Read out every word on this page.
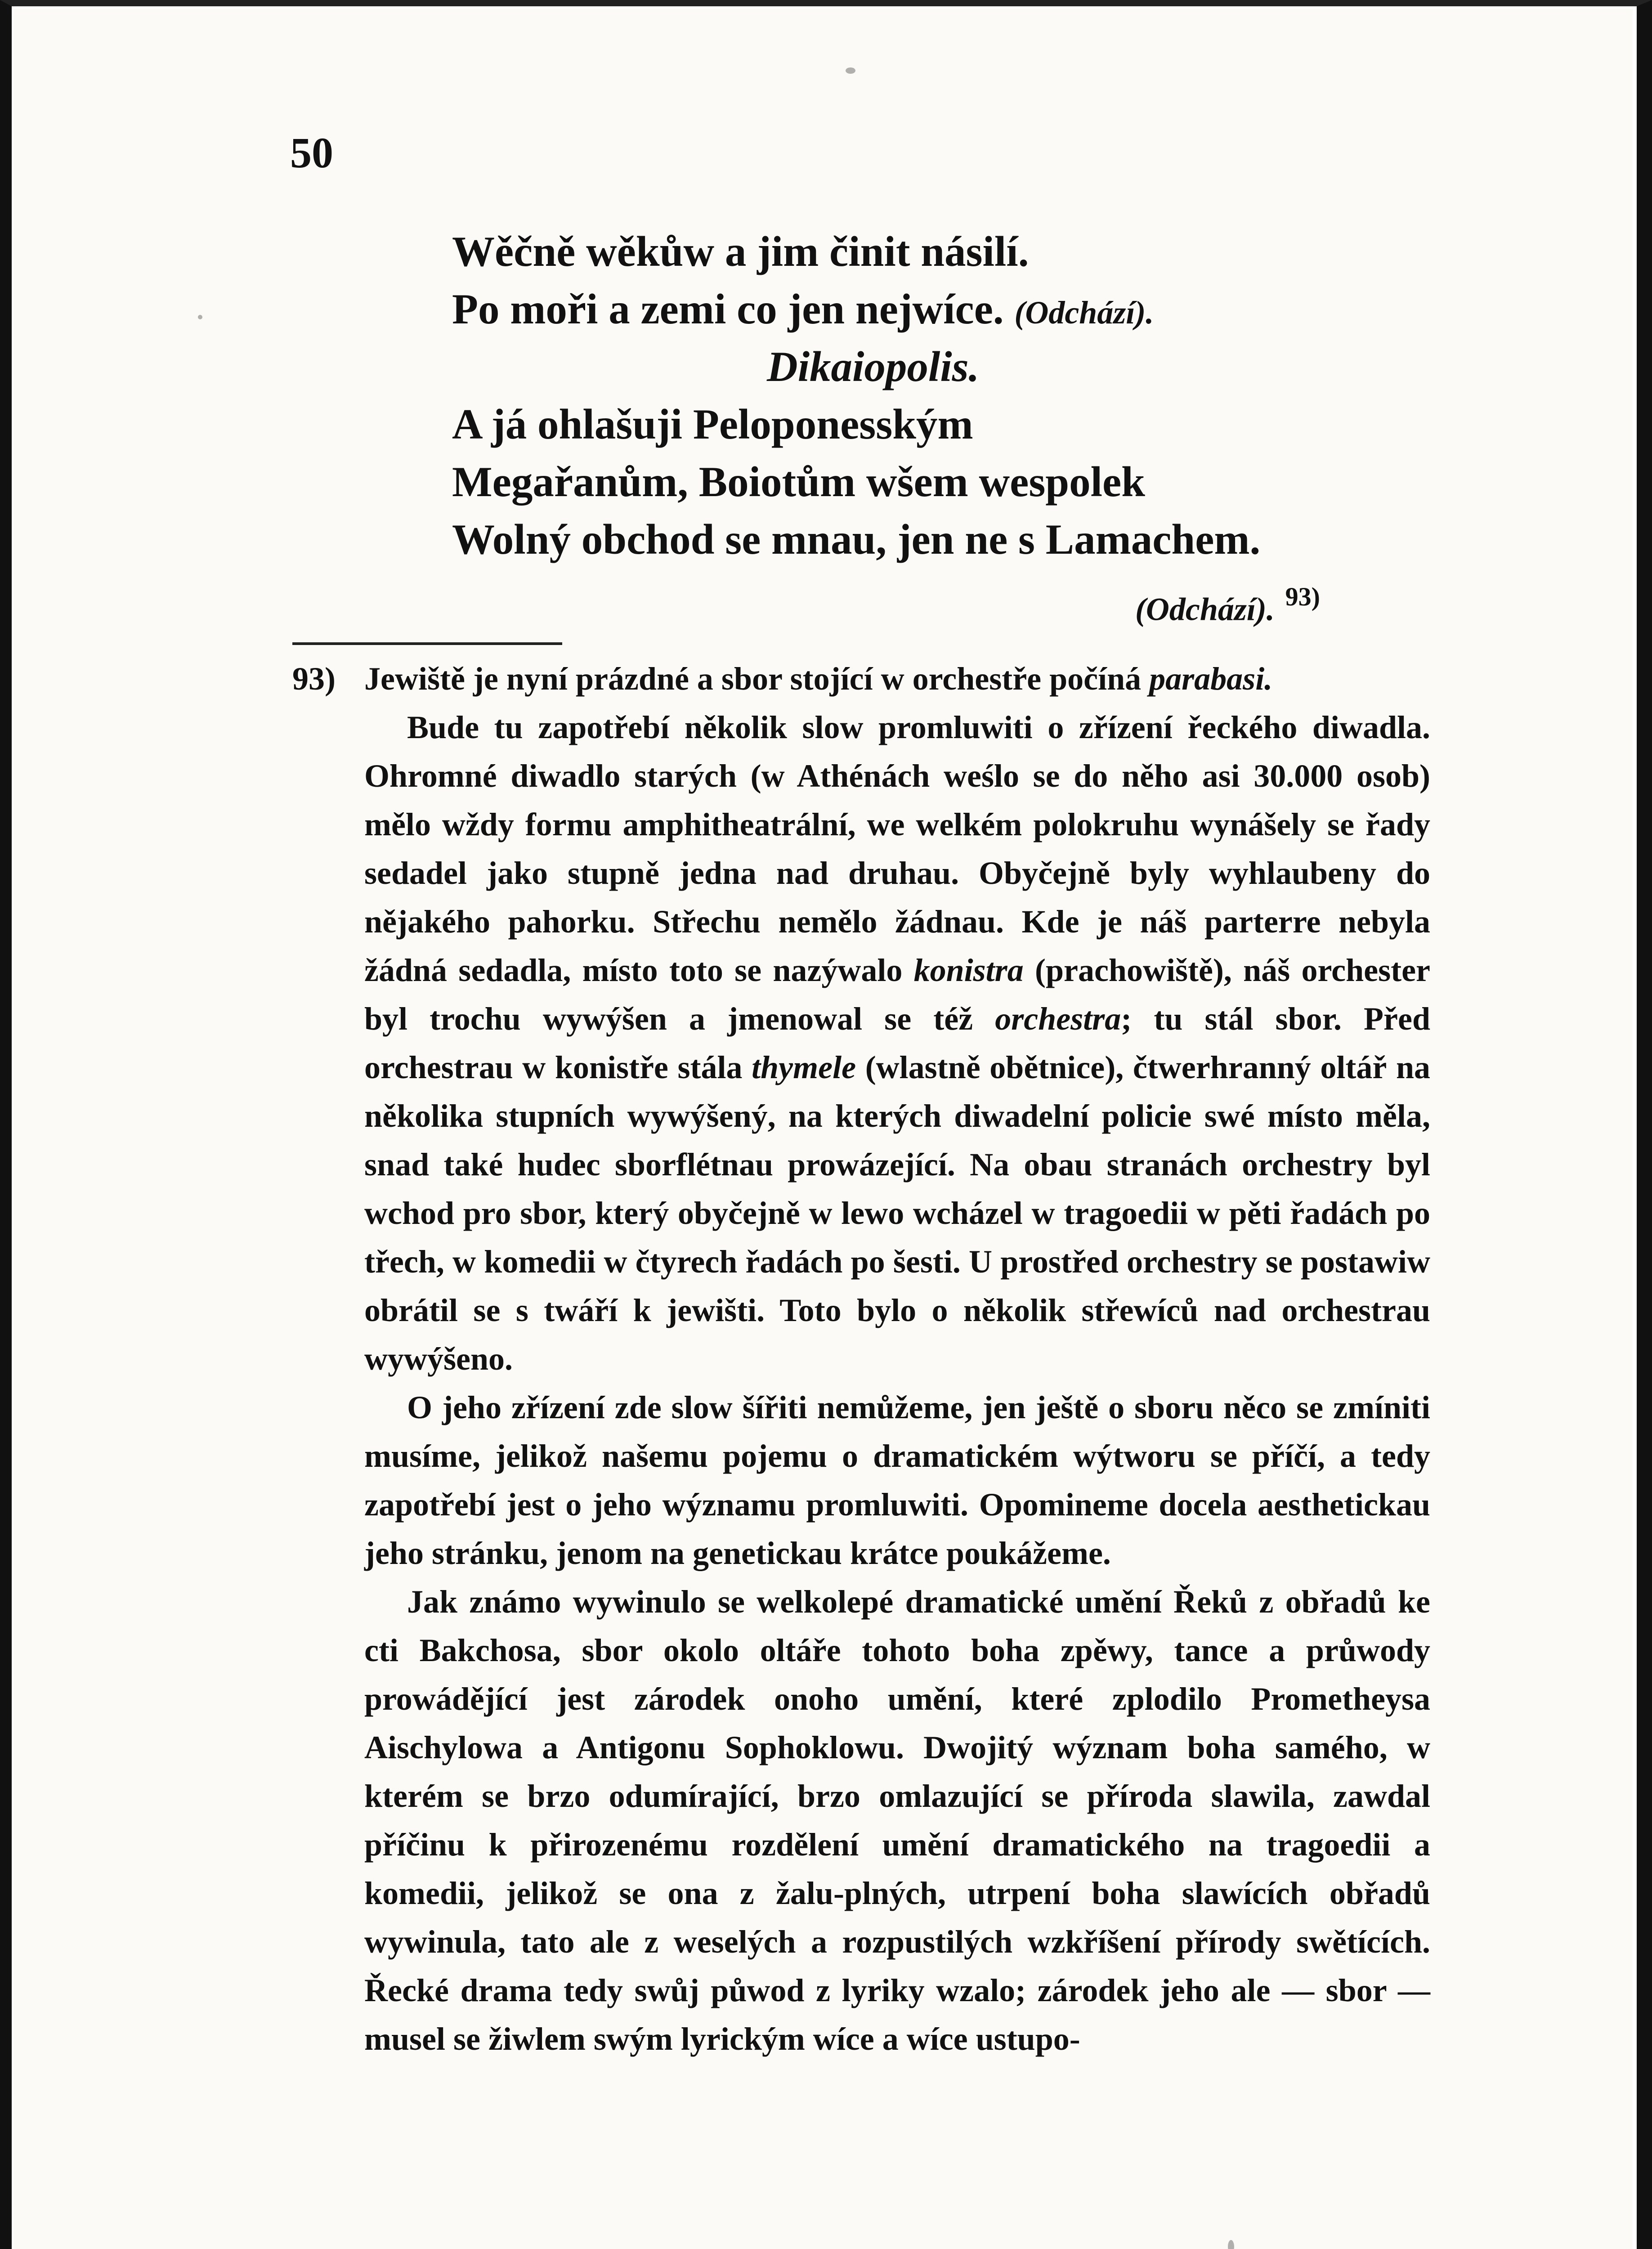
50
Wěčně wěkůw a jim činit násilí.
Po moři a zemi co jen nejwíce. (Odchází).
Dikaiopolis.
A já ohlašuji Peloponesským
Megařanům, Boiotům wšem wespolek
Wolný obchod se mnau, jen ne s Lamachem.
(Odchází). $^{93)}$

93) Jewiště je nyní prázdné a sbor stojící w orchestře počíná parabasi.

Bude tu zapotřebí několik slow promluwiti o zřízení řeckého diwadla. Ohromné diwadlo starých (w Athénách weślo se do něho asi 30.000 osob) mělo wždy formu amphitheatrální, we welkém polokruhu wynášely se řady sedadel jako stupně jedna nad druhau. Obyčejně byly wyhlaubeny do nějakého pahorku. Střechu nemělo žádnau. Kde je náš parterre nebyla žádná sedadla, místo toto se nazýwalo konistra (prachowiště), náš orchester byl trochu wywýšen a jmenowal se též orchestra; tu stál sbor. Před orchestrau w konistře stála thymele (wlastně obětnice), čtwerhranný oltář na několika stupních wywýšený, na kterých diwadelní policie swé místo měla, snad také hudec sborflétnau prowázející. Na obau stranách orchestry byl wchod pro sbor, který obyčejně w lewo wcházel w tragoedii w pěti řadách po třech, w komedii w čtyrech řadách po šesti. U prostřed orchestry se postawiw obrátil se s twáří k jewišti. Toto bylo o několik střewíců nad orchestrau wywýšeno.

O jeho zřízení zde slow šířiti nemůžeme, jen ještě o sboru něco se zmíniti musíme, jelikož našemu pojemu o dramatickém wýtworu se příčí, a tedy zapotřebí jest o jeho wýznamu promluwiti. Opomineme docela aesthetickau jeho stránku, jenom na genetickau krátce poukážeme.

Jak známo wywinulo se welkolepé dramatické umění Řeků z obřadů ke cti Bakchosa, sbor okolo oltáře tohoto boha zpěwy, tance a průwody prowádějící jest zárodek onoho umění, které zplodilo Prometheysa Aischylowa a Antigonu Sophoklowu. Dwojitý wýznam boha samého, w kterém se brzo odumírající, brzo omlazující se příroda slawila, zawdal příčinu k přirozenému rozdělení umění dramatického na tragoedii a komedii, jelikož se ona z žalu-plných, utrpení boha slawících obřadů wywinula, tato ale z weselých a rozpustilých wzkříšení přírody swětících. Řecké drama tedy swůj půwod z lyriky wzalo; zárodek jeho ale — sbor — musel se žiwlem swým lyrickým wíce a wíce ustupo-
